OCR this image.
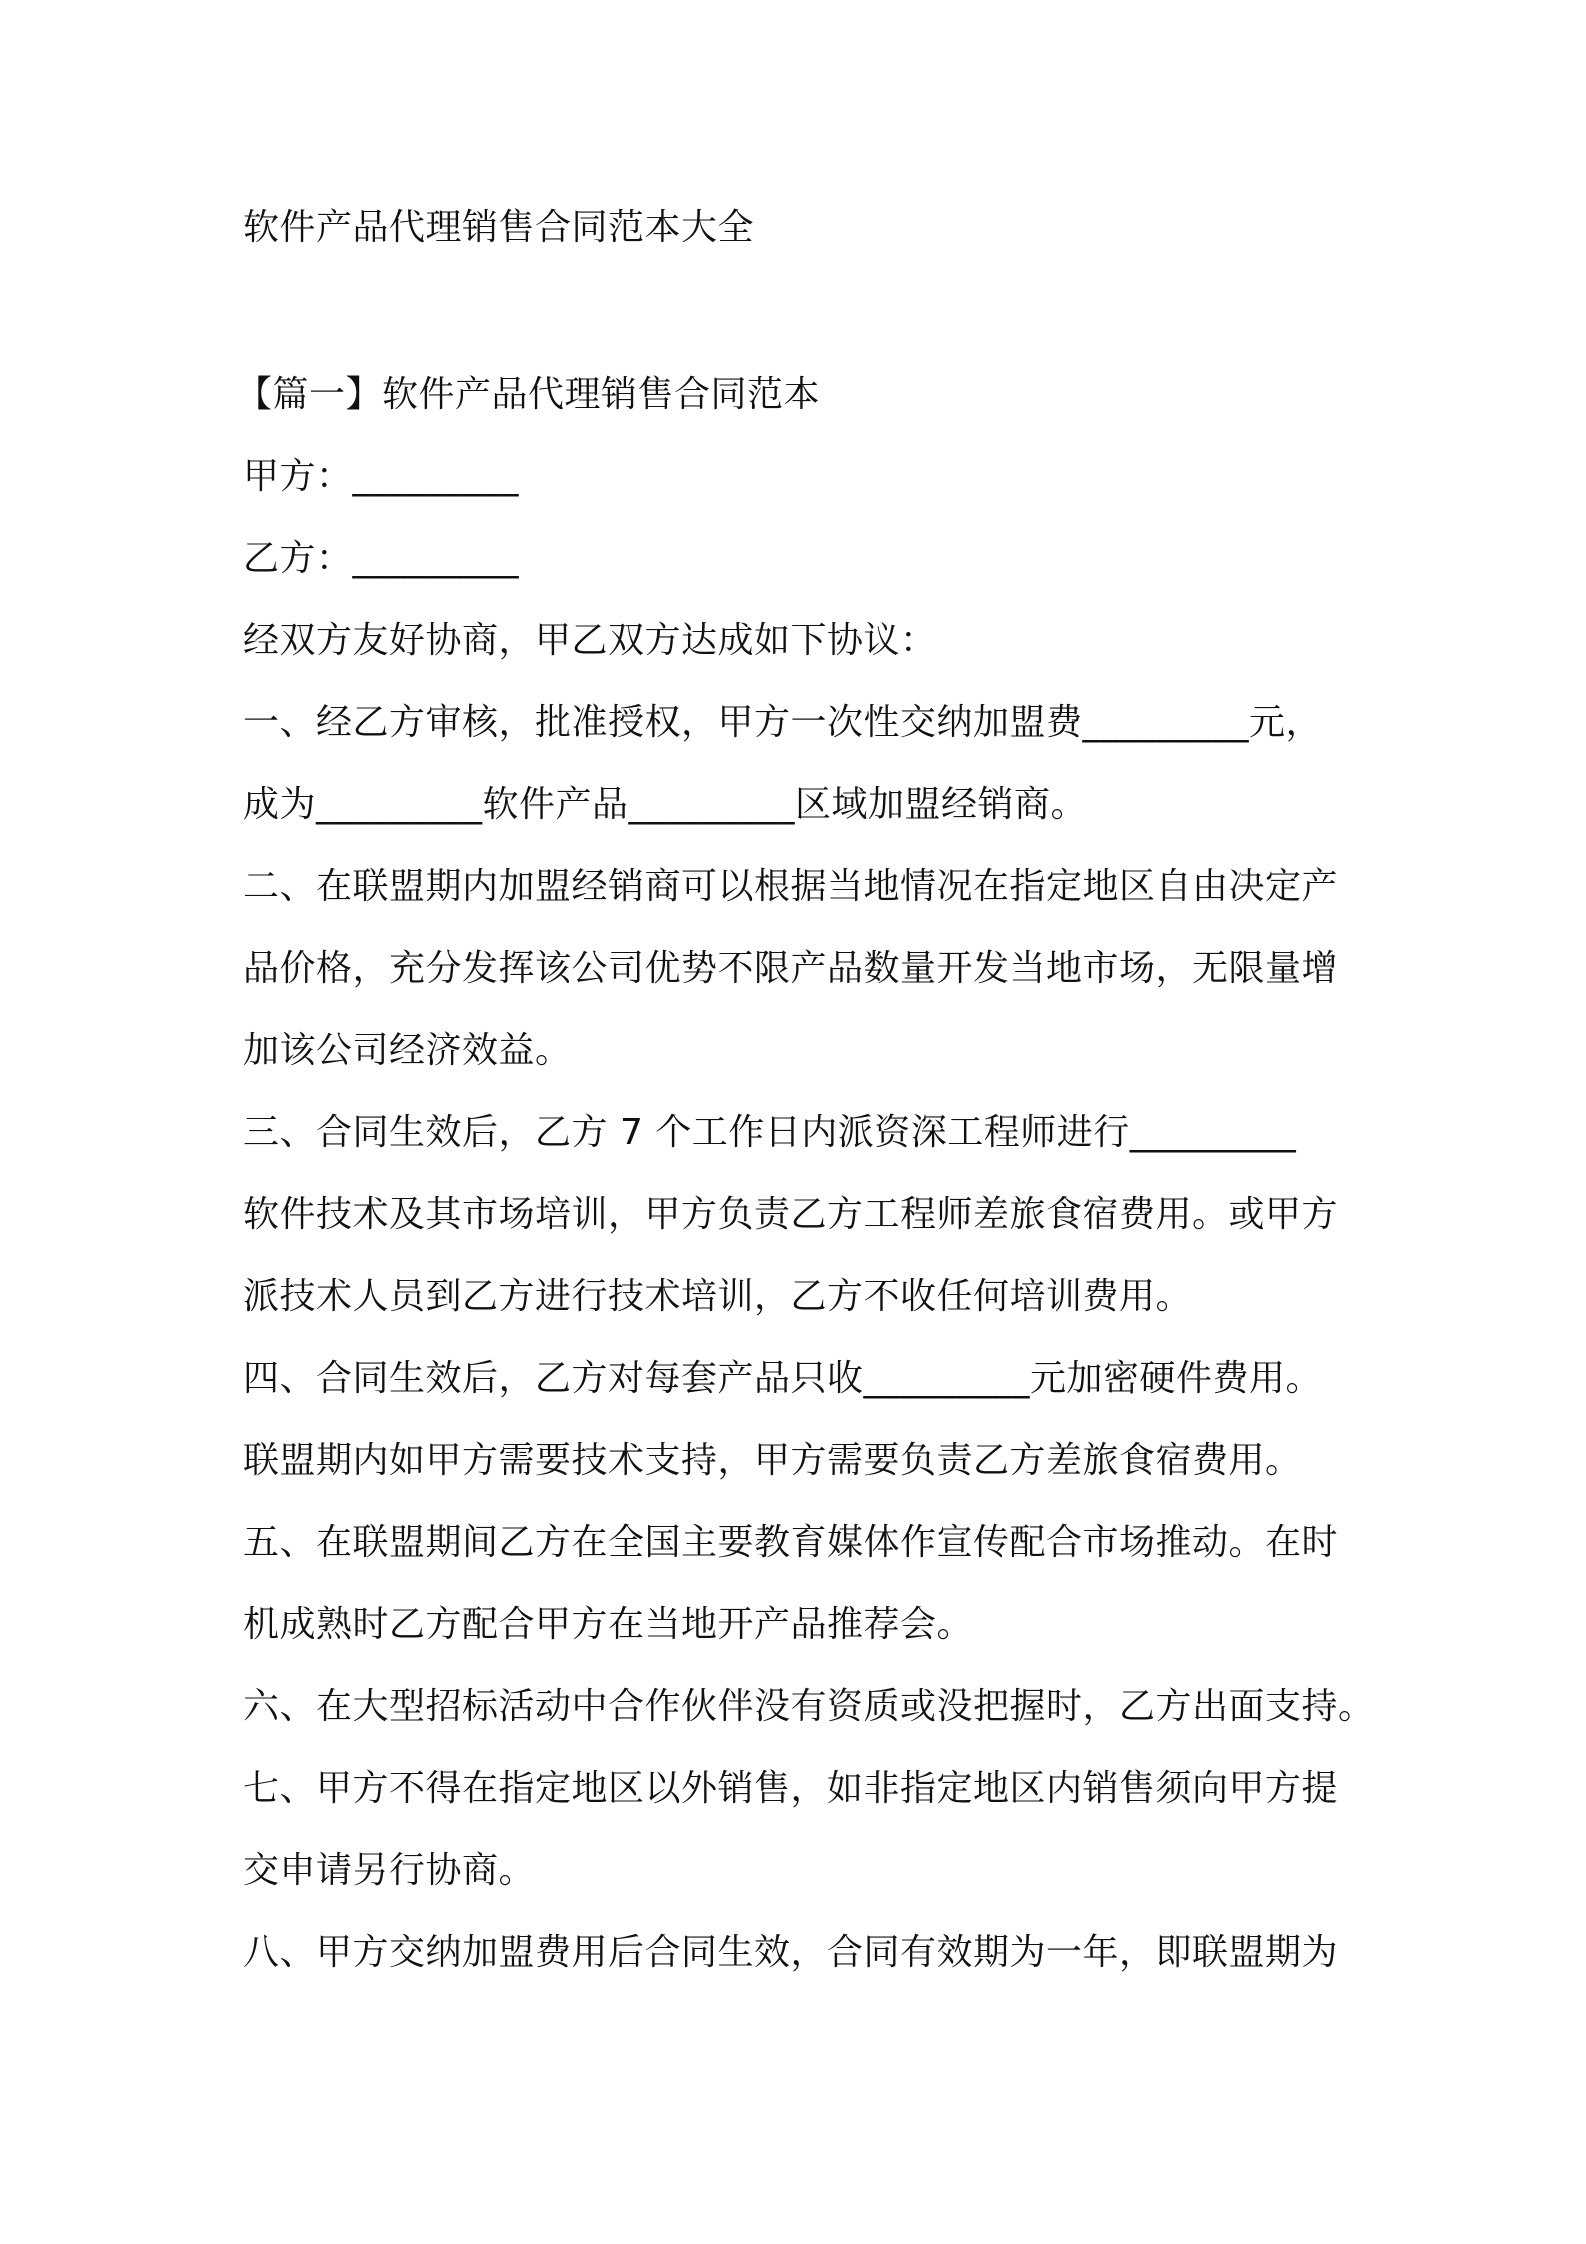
软件产品代理销售合同范本大全

【篇一】软件产品代理销售合同范本

甲方：_________

乙方：_________

经双方友好协商，甲乙双方达成如下协议：

一、经乙方审核，批准授权，甲方一次性交纳加盟费_________元，

成为_________软件产品_________区域加盟经销商。

二、在联盟期内加盟经销商可以根据当地情况在指定地区自由决定产

品价格，充分发挥该公司优势不限产品数量开发当地市场，无限量增

加该公司经济效益。

三、合同生效后，乙方 7 个工作日内派资深工程师进行_________

软件技术及其市场培训，甲方负责乙方工程师差旅食宿费用。或甲方

派技术人员到乙方进行技术培训，乙方不收任何培训费用。

四、合同生效后，乙方对每套产品只收_________元加密硬件费用。

联盟期内如甲方需要技术支持，甲方需要负责乙方差旅食宿费用。

五、在联盟期间乙方在全国主要教育媒体作宣传配合市场推动。在时

机成熟时乙方配合甲方在当地开产品推荐会。

六、在大型招标活动中合作伙伴没有资质或没把握时，乙方出面支持。

七、甲方不得在指定地区以外销售，如非指定地区内销售须向甲方提

交申请另行协商。

八、甲方交纳加盟费用后合同生效，合同有效期为一年，即联盟期为
